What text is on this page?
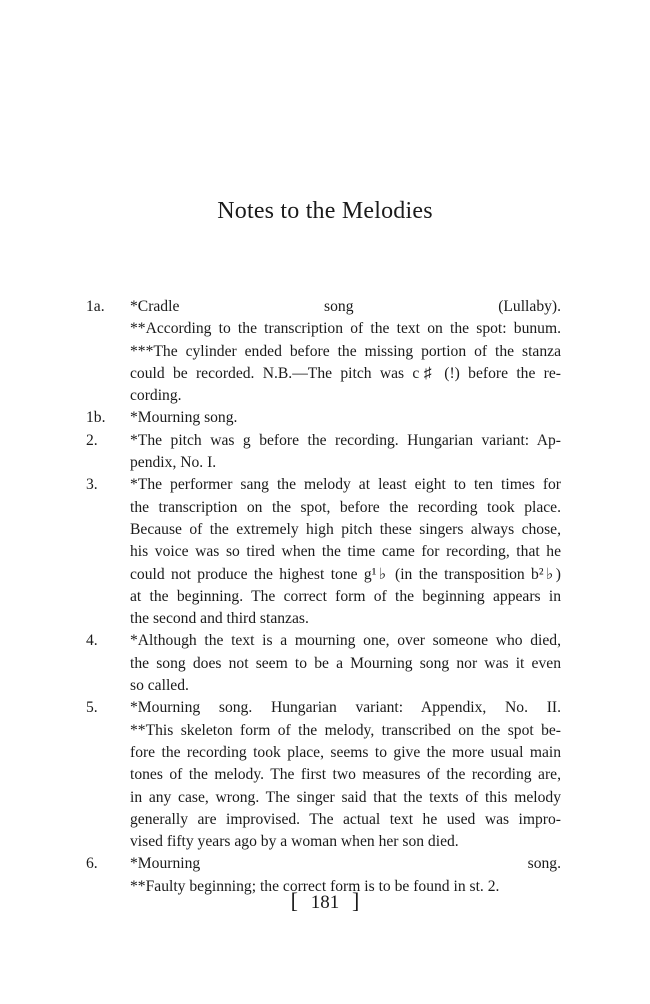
Notes to the Melodies
1a.	*Cradle song (Lullaby).
**According to the transcription of the text on the spot: bunum.
***The cylinder ended before the missing portion of the stanza
could be recorded. N.B.—The pitch was c♯ (!) before the re-
cording.
1b.	*Mourning song.
2.	*The pitch was g before the recording. Hungarian variant: Ap-
pendix, No. I.
3.	*The performer sang the melody at least eight to ten times for
the transcription on the spot, before the recording took place.
Because of the extremely high pitch these singers always chose,
his voice was so tired when the time came for recording, that he
could not produce the highest tone g¹♭ (in the transposition b²♭)
at the beginning. The correct form of the beginning appears in
the second and third stanzas.
4.	*Although the text is a mourning one, over someone who died,
the song does not seem to be a Mourning song nor was it even
so called.
5.	*Mourning song. Hungarian variant: Appendix, No. II.
**This skeleton form of the melody, transcribed on the spot be-
fore the recording took place, seems to give the more usual main
tones of the melody. The first two measures of the recording are,
in any case, wrong. The singer said that the texts of this melody
generally are improvised. The actual text he used was impro-
vised fifty years ago by a woman when her son died.
6.	*Mourning song.
**Faulty beginning; the correct form is to be found in st. 2.
[ 181 ]
